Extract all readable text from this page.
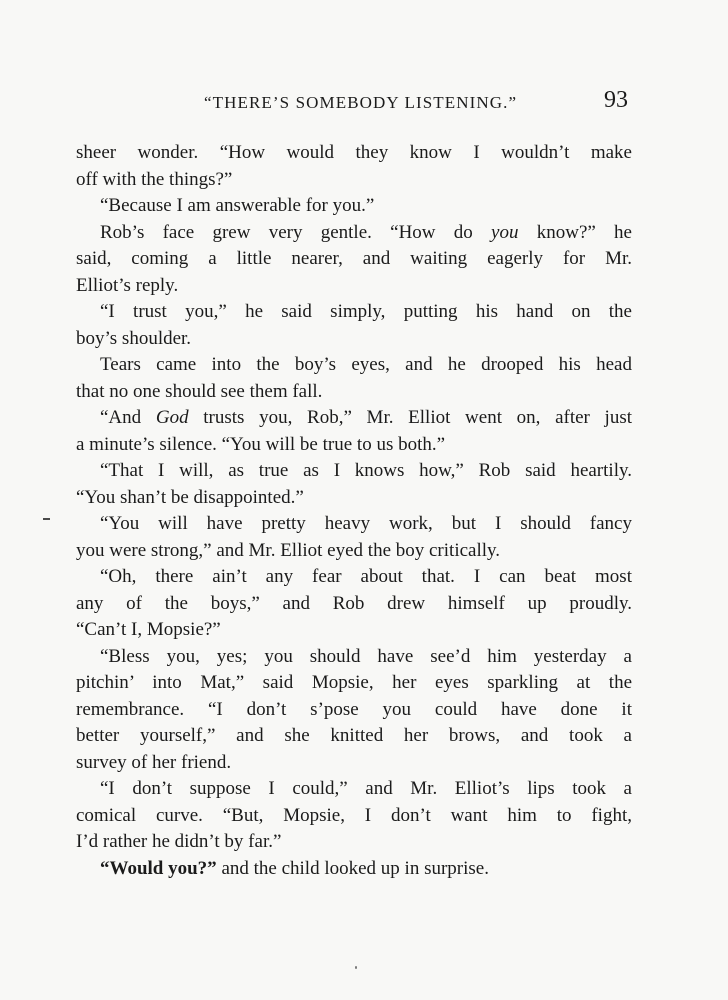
“THERE’S SOMEBODY LISTENING.”	93
sheer wonder. “How would they know I wouldn’t make
off with the things?”
“Because I am answerable for you.”
Rob’s face grew very gentle. “How do you know?” he
said, coming a little nearer, and waiting eagerly for Mr.
Elliot’s reply.
“I trust you,” he said simply, putting his hand on the
boy’s shoulder.
Tears came into the boy’s eyes, and he drooped his head
that no one should see them fall.
“And God trusts you, Rob,” Mr. Elliot went on, after just
a minute’s silence. “You will be true to us both.”
“That I will, as true as I knows how,” Rob said heartily.
“You shan’t be disappointed.”
“You will have pretty heavy work, but I should fancy
you were strong,” and Mr. Elliot eyed the boy critically.
“Oh, there ain’t any fear about that. I can beat most
any of the boys,” and Rob drew himself up proudly.
“Can’t I, Mopsie?”
“Bless you, yes; you should have see’d him yesterday a
pitchin’ into Mat,” said Mopsie, her eyes sparkling at the
remembrance. “I don’t s’pose you could have done it
better yourself,” and she knitted her brows, and took a
survey of her friend.
“I don’t suppose I could,” and Mr. Elliot’s lips took a
comical curve. “But, Mopsie, I don’t want him to fight,
I’d rather he didn’t by far.”
“Would you?” and the child looked up in surprise.
